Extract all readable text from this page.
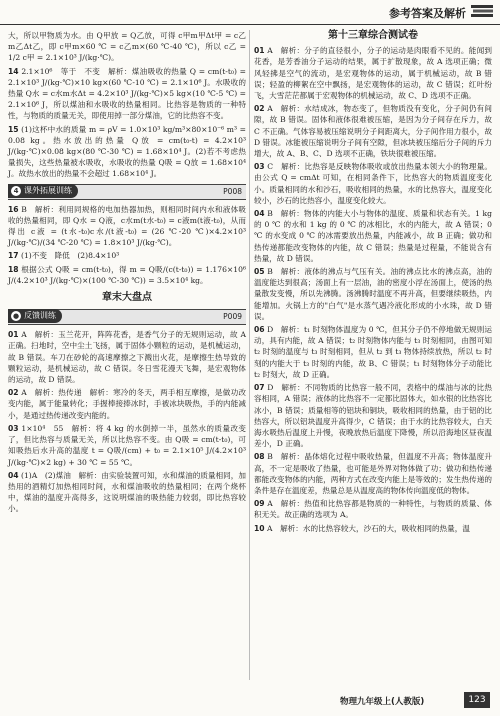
参考答案及解析

大，所以甲物质为水。由 Q甲放 = Q乙放，可得 c甲m甲Δt甲 = c乙m乙Δt乙，即 c甲m×60 ℃ = c乙m×(60 ℃-40 ℃)，所以 c乙 = 1/2 c甲 = 2.1×10³ J/(kg·℃)。

14 2.1×10⁶　等于　不变　解析：煤油吸收的热量 Q = cm(t-t₀) = 2.1×10³ J/(kg·℃)×10 kg×(60 ℃-10 ℃) = 2.1×10⁶ J。水吸收的热量 Q水 = c水m水Δt = 4.2×10³ J/(kg·℃)×5 kg×(10 ℃-5 ℃) = 2.1×10⁶ J，所以煤油和水吸收的热量相同。比热容是物质的一种特性，与物质的质量无关，即使用掉一部分煤油，它的比热容不变。

15 (1)这杯中水的质量 m = ρV = 1.0×10³ kg/m³×80×10⁻⁶ m³ = 0.08 kg。热水放出的热量 Q放 = cm(t₀-t) = 4.2×10³ J/(kg·℃)×0.08 kg×(80 ℃-30 ℃) = 1.68×10⁴ J。(2)若不考虑热量损失，这些热量被水吸收，水吸收的热量 Q吸 = Q放 = 1.68×10⁴ J。故热水放出的热量不会超过 1.68×10⁴ J。

4 课外拓展训练	P008

16 B　解析：利用同规格的电加热器加热，则相同时间内水和液体吸收的热量相同，即 Q水 = Q液，c水m(t水-t₀) = c液m(t液-t₀)，从而得出 c液 = (t水-t₀)c水/(t液-t₀) = (26 ℃-20 ℃)×4.2×10³ J/(kg·℃)/(34 ℃-20 ℃) = 1.8×10³ J/(kg·℃)。

17 (1)不变　降低　(2)8.4×10³

18 根据公式 Q吸 = cm(t-t₀)，得 m = Q吸/(c(t-t₀)) = 1.176×10⁶ J/(4.2×10³ J/(kg·℃)×(100 ℃-30 ℃)) = 3.5×10⁴ kg。

章末大盘点
● 反馈训练	P009

01 A　解析：玉兰花开，阵阵花香，是香气分子的无规则运动，故 A 正确。扫地时，空中尘土飞扬，属于固体小颗粒的运动，是机械运动，故 B 错误。车刀在砂轮的高速摩擦之下溅出火花，是摩擦生热导致的颗粒运动，是机械运动，故 C 错误。冬日雪花漫天飞舞，是宏观物体的运动，故 D 错误。

02 A　解析：热传递　解析：寒冷的冬天，两手相互摩擦，是做功改变内能，属于能量转化；手握棒接捧冰时，手被冰块吸热，手的内能减小，是通过热传递改变内能的。

03 1×10⁴　55　解析：将 4 kg 的水倒掉一半，虽然水的质量改变了，但比热容与质量无关，所以比热容不变。由 Q吸 = cm(t-t₀)，可知吸热后水升高的温度 t = Q吸/(cm) + t₀ = 2.1×10⁵ J/(4.2×10³ J/(kg·℃)×2 kg) + 30 ℃ = 55 ℃。

04 (1)A　(2)煤油　解析：由实验装置可知，水和煤油的质量相同，加热用的酒精灯加热相同时间，水和煤油吸收的热量相同；在两个烧杯中，煤油的温度升高得多，这说明煤油的吸热能力较弱，即比热容较小。

第十三章综合测试卷

01 A　解析：分子的直径很小，分子的运动是肉眼看不见的。能闻到花香，是芳香油分子运动的结果，属于扩散现象，故 A 选项正确；微风轻拂是空气的流动，是宏观物体的运动，属于机械运动，故 B 错误；轻盈的柳絮在空中飘扬，是宏观物体的运动，故 C 错误；红叶纷飞，大雪茫茫都属于宏观物体的机械运动，故 C、D 选项不正确。

02 A　解析：水结成冰，物态变了，但物质没有变化，分子间仍有间隙，故 B 错误。固体和液体很难被压缩，是因为分子间存在斥力，故 C 不正确。气体容易被压缩说明分子间距离大，分子间作用力很小，故 D 错误。冰能被压缩说明分子间有空隙，但冰块被压缩后分子间的斥力增大，故 A、B、C、D 选项不正确，铁块很难被压缩。

03 C　解析：比热容是反映物体吸收或放出热量本领大小的物理量。由公式 Q = cmΔt 可知，在相同条件下，比热容大的物质温度变化小。质量相同的水和沙石，吸收相同的热量，水的比热容大，温度变化较小，沙石的比热容小，温度变化较大。

04 B　解析：物体的内能大小与物体的温度、质量和状态有关。1 kg 的 0 ℃ 的水和 1 kg 的 0 ℃ 的冰相比，水的内能大，故 A 错误；0 ℃ 的水变成 0 ℃ 的冰需要放出热量，内能减小，故 B 正确；做功和热传递都能改变物体的内能，故 C 错误；热量是过程量，不能说含有热量，故 D 错误。

05 B　解析：液体的沸点与气压有关。油的沸点比水的沸点高，油的温度能达到很高；汤面上有一层油，油的密度小浮在汤面上，使汤的热量散发变慢，所以先沸腾。汤沸腾时温度不再升高，但要继续吸热，内能增加。火锅上方的"白气"是水蒸气遇冷液化形成的小水珠，故 D 错误。

06 D　解析：t₁ 时刻物体温度为 0 ℃，但其分子仍不停地做无规则运动，具有内能，故 A 错误；t₂ 时刻物体内能与 t₃ 时刻相同，由图可知 t₂ 时刻的温度与 t₃ 时刻相同，但从 t₂ 到 t₃ 物体持续放热，所以 t₂ 时刻的内能大于 t₃ 时刻的内能，故 B、C 错误；t₁ 时刻物体分子动能比 t₂ 时刻大，故 D 正确。

07 D　解析：不同物质的比热容一般不同，表格中的煤油与冰的比热容相同，A 错误；液体的比热容不一定都比固体大，如水银的比热容比冰小，B 错误；质量相等的铝块和铜块，吸收相同的热量，由于铝的比热容大，所以铝块温度升高得少，C 错误；由于水的比热容较大，白天海水吸热后温度上升慢，夜晚放热后温度下降慢，所以沿海地区昼夜温差小，D 正确。

08 B　解析：晶体熔化过程中吸收热量，但温度不升高；物体温度升高，不一定是吸收了热量，也可能是外界对物体做了功；做功和热传递都能改变物体的内能，两种方式在改变内能上是等效的；发生热传递的条件是存在温度差，热量总是从温度高的物体传向温度低的物体。

09 A　解析：热值和比热容都是物质的一种特性，与物质的质量、体积无关。故正确的选项为 A。

10 A　解析：水的比热容较大，沙石的大，吸收相同的热量，温

物理九年级上(人教版)	123
